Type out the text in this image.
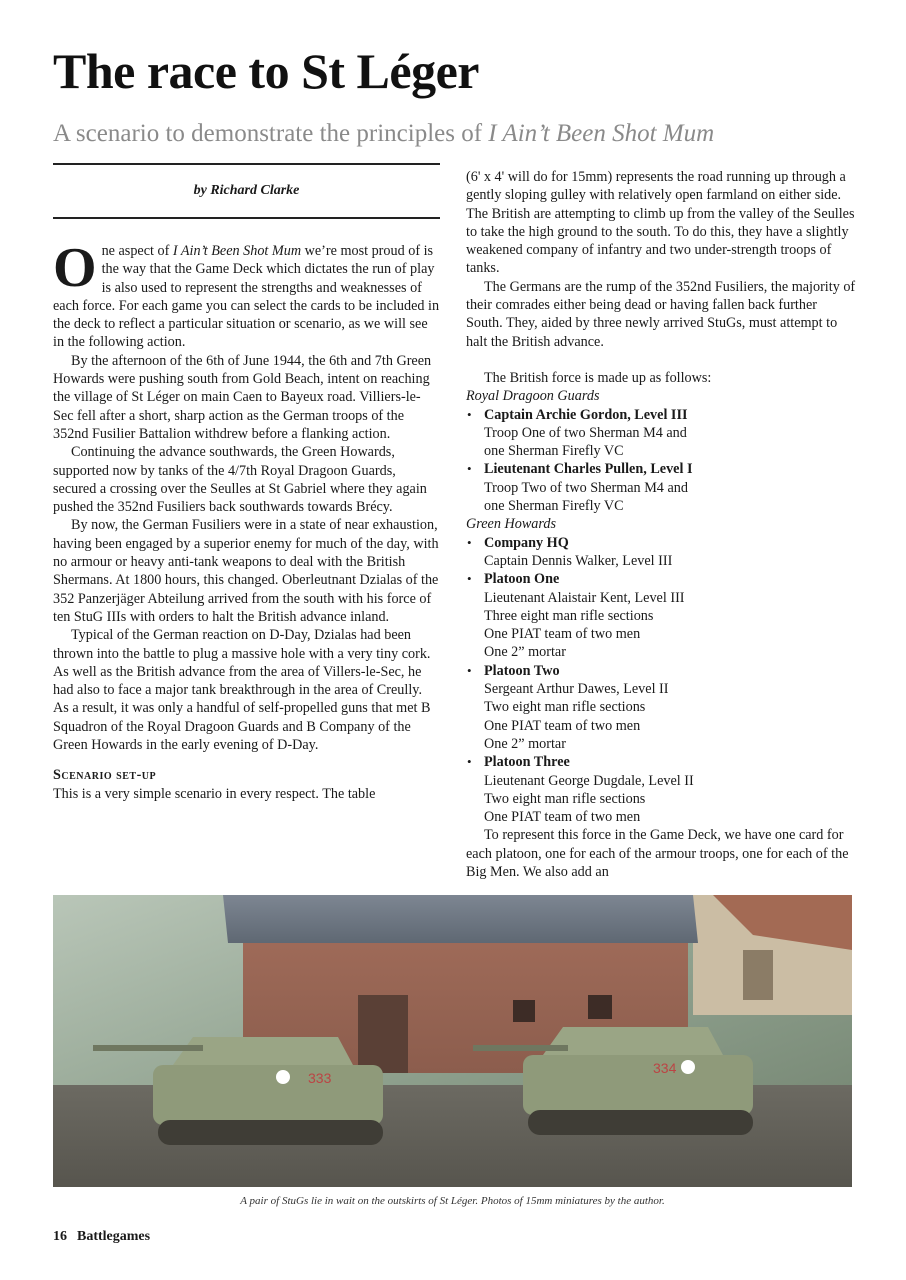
The race to St Léger
A scenario to demonstrate the principles of I Ain’t Been Shot Mum
by Richard Clarke

One aspect of I Ain’t Been Shot Mum we’re most proud of is the way that the Game Deck which dictates the run of play is also used to represent the strengths and weaknesses of each force. For each game you can select the cards to be included in the deck to reflect a particular situation or scenario, as we will see in the following action.

By the afternoon of the 6th of June 1944, the 6th and 7th Green Howards were pushing south from Gold Beach, intent on reaching the village of St Léger on main Caen to Bayeux road. Villiers-le-Sec fell after a short, sharp action as the German troops of the 352nd Fusilier Battalion withdrew before a flanking action.

Continuing the advance southwards, the Green Howards, supported now by tanks of the 4/7th Royal Dragoon Guards, secured a crossing over the Seulles at St Gabriel where they again pushed the 352nd Fusiliers back southwards towards Brécy.

By now, the German Fusiliers were in a state of near exhaustion, having been engaged by a superior enemy for much of the day, with no armour or heavy anti-tank weapons to deal with the British Shermans. At 1800 hours, this changed. Oberleutnant Dzialas of the 352 Panzerjäger Abteilung arrived from the south with his force of ten StuG IIIs with orders to halt the British advance inland.

Typical of the German reaction on D-Day, Dzialas had been thrown into the battle to plug a massive hole with a very tiny cork. As well as the British advance from the area of Villers-le-Sec, he had also to face a major tank breakthrough in the area of Creully. As a result, it was only a handful of self-propelled guns that met B Squadron of the Royal Dragoon Guards and B Company of the Green Howards in the early evening of D-Day.

Scenario set-up

This is a very simple scenario in every respect. The table

(6' x 4' will do for 15mm) represents the road running up through a gently sloping gulley with relatively open farmland on either side. The British are attempting to climb up from the valley of the Seulles to take the high ground to the south. To do this, they have a slightly weakened company of infantry and two under-strength troops of tanks.

The Germans are the rump of the 352nd Fusiliers, the majority of their comrades either being dead or having fallen back further South. They, aided by three newly arrived StuGs, must attempt to halt the British advance.

The British force is made up as follows:

Royal Dragoon Guards
• Captain Archie Gordon, Level III
Troop One of two Sherman M4 and
one Sherman Firefly VC
• Lieutenant Charles Pullen, Level I
Troop Two of two Sherman M4 and
one Sherman Firefly VC
Green Howards
• Company HQ
Captain Dennis Walker, Level III
• Platoon One
Lieutenant Alaistair Kent, Level III
Three eight man rifle sections
One PIAT team of two men
One 2” mortar
• Platoon Two
Sergeant Arthur Dawes, Level II
Two eight man rifle sections
One PIAT team of two men
One 2” mortar
• Platoon Three
Lieutenant George Dugdale, Level II
Two eight man rifle sections
One PIAT team of two men

To represent this force in the Game Deck, we have one card for each platoon, one for each of the armour troops, one for each of the Big Men. We also add an

333
334
A pair of StuGs lie in wait on the outskirts of St Léger. Photos of 15mm miniatures by the author.
16 Battlegames
